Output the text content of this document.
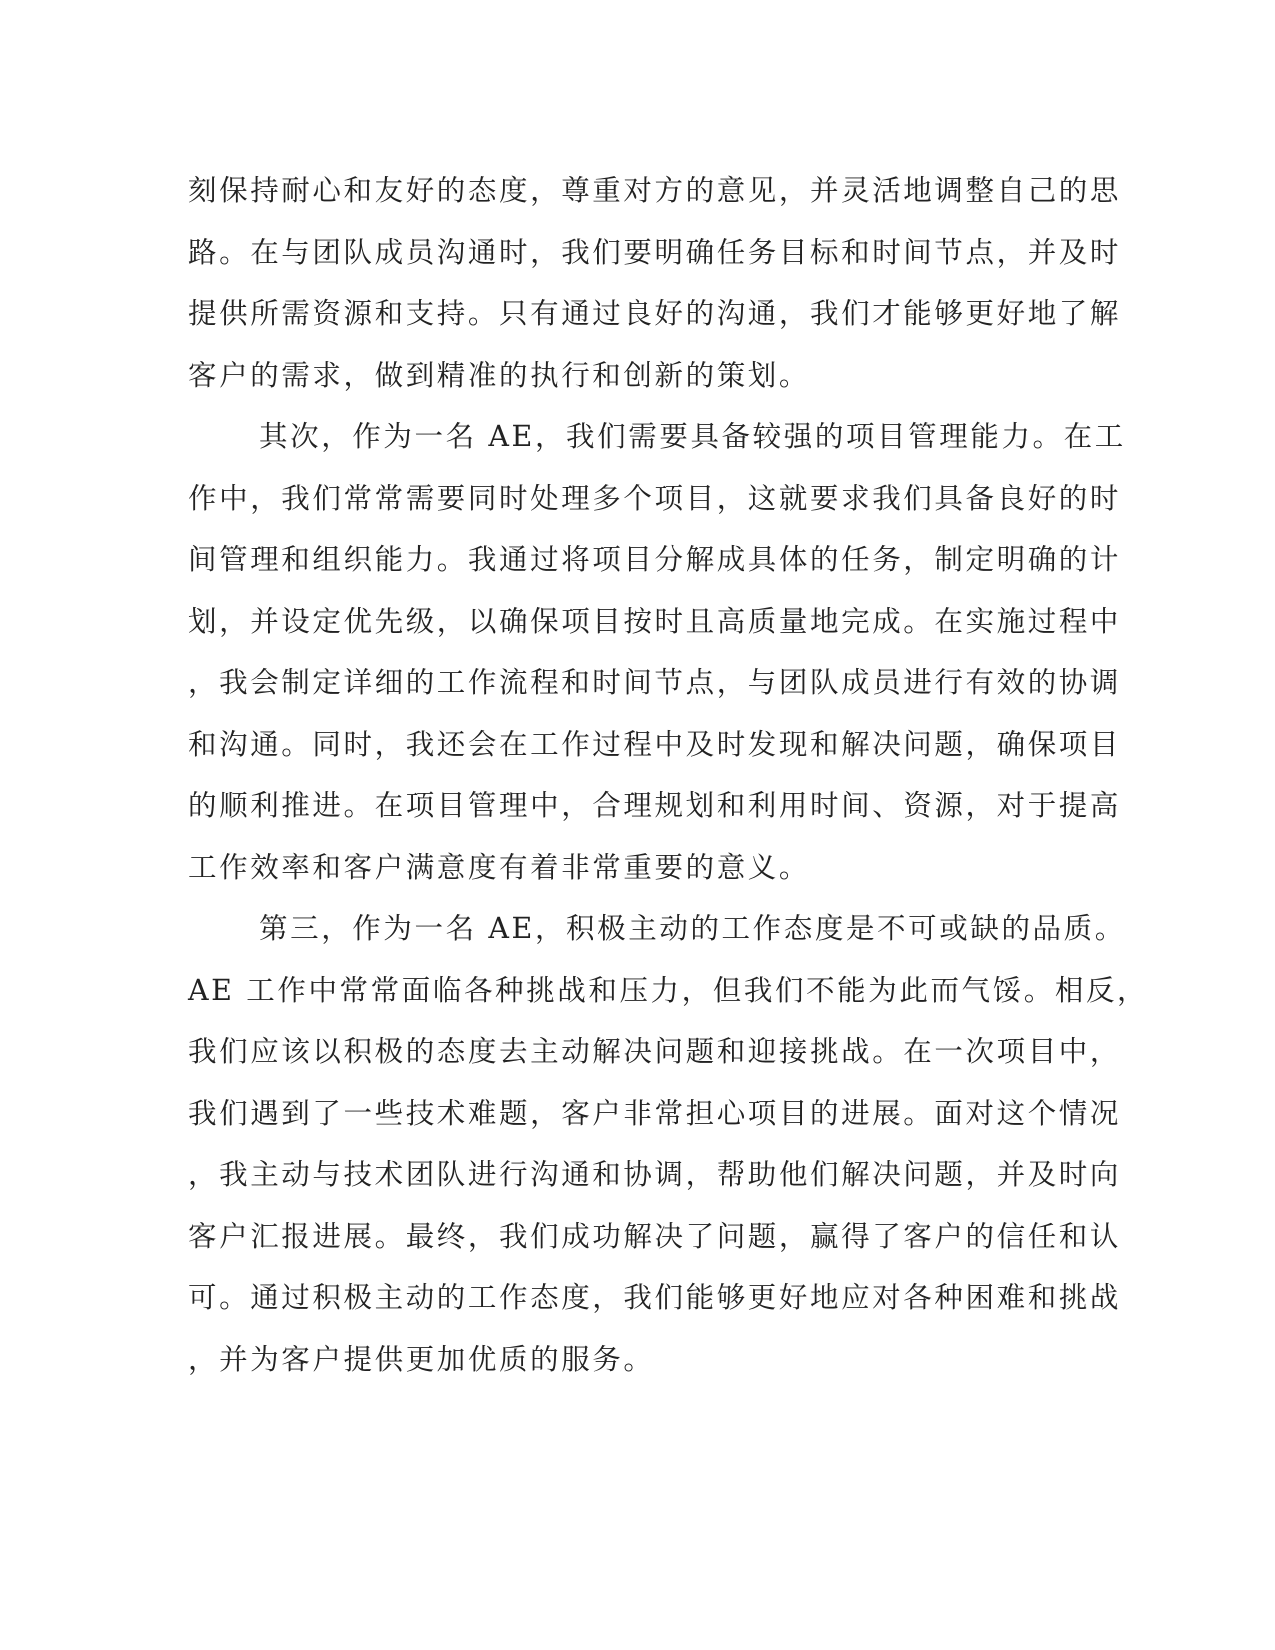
刻保持耐心和友好的态度，尊重对方的意见，并灵活地调整自己的思
路。在与团队成员沟通时，我们要明确任务目标和时间节点，并及时
提供所需资源和支持。只有通过良好的沟通，我们才能够更好地了解
客户的需求，做到精准的执行和创新的策划。
其次，作为一名 AE，我们需要具备较强的项目管理能力。在工
作中，我们常常需要同时处理多个项目，这就要求我们具备良好的时
间管理和组织能力。我通过将项目分解成具体的任务，制定明确的计
划，并设定优先级，以确保项目按时且高质量地完成。在实施过程中
，我会制定详细的工作流程和时间节点，与团队成员进行有效的协调
和沟通。同时，我还会在工作过程中及时发现和解决问题，确保项目
的顺利推进。在项目管理中，合理规划和利用时间、资源，对于提高
工作效率和客户满意度有着非常重要的意义。
第三，作为一名 AE，积极主动的工作态度是不可或缺的品质。
AE 工作中常常面临各种挑战和压力，但我们不能为此而气馁。相反，
我们应该以积极的态度去主动解决问题和迎接挑战。在一次项目中，
我们遇到了一些技术难题，客户非常担心项目的进展。面对这个情况
，我主动与技术团队进行沟通和协调，帮助他们解决问题，并及时向
客户汇报进展。最终，我们成功解决了问题，赢得了客户的信任和认
可。通过积极主动的工作态度，我们能够更好地应对各种困难和挑战
，并为客户提供更加优质的服务。
